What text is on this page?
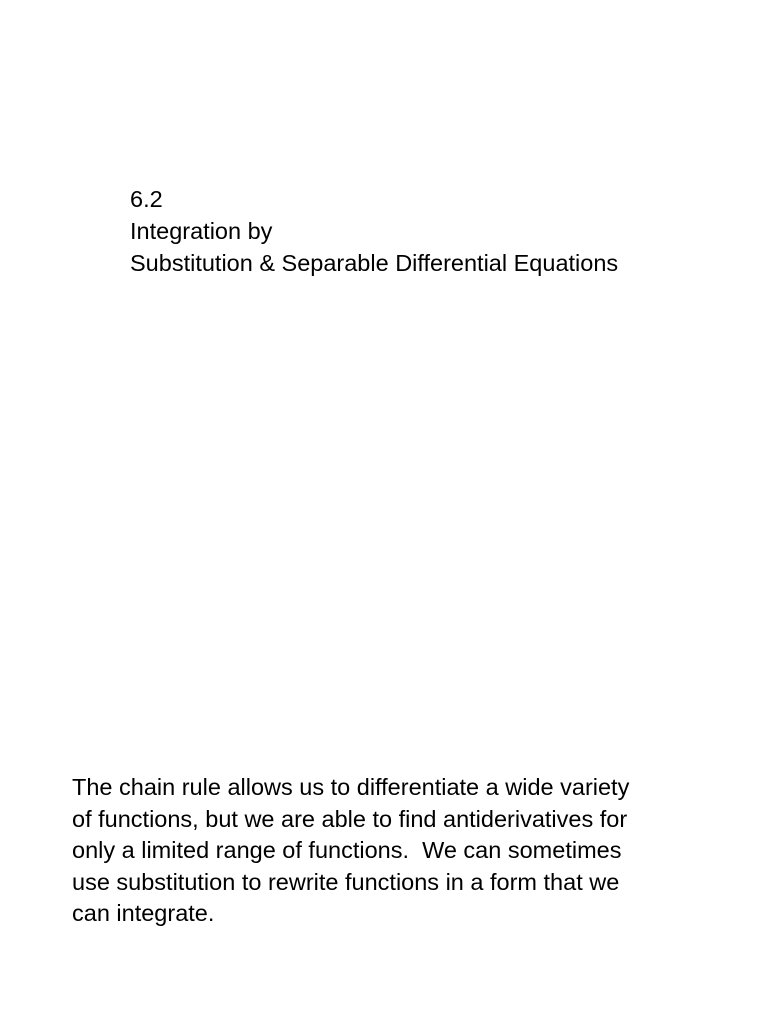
6.2
Integration by
Substitution & Separable Differential Equations
The chain rule allows us to differentiate a wide variety
of functions, but we are able to find antiderivatives for
only a limited range of functions.  We can sometimes
use substitution to rewrite functions in a form that we
can integrate.
